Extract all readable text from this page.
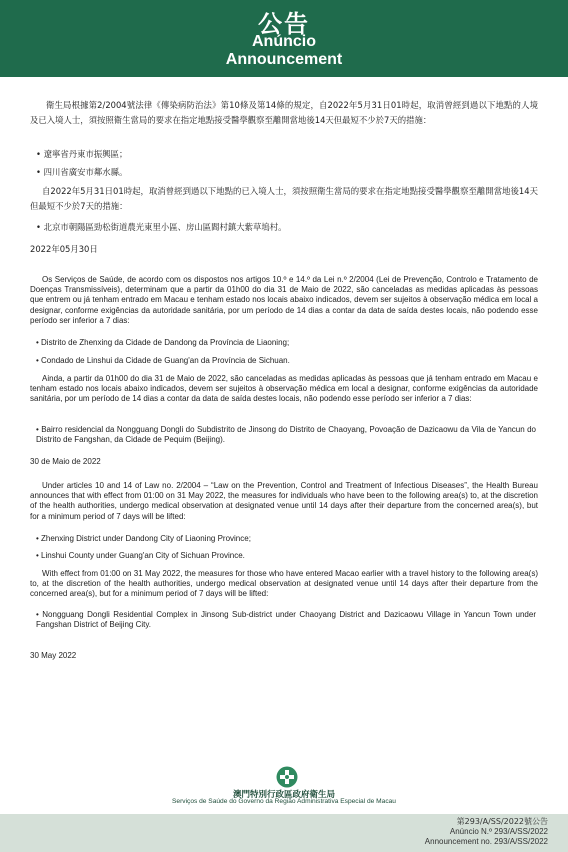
公告
Anúncio
Announcement
衛生局根據第2/2004號法律《傳染病防治法》第10條及第14條的規定，自2022年5月31日01時起，取消曾經到過以下地點的人境及已入境人士，須按照衛生當局的要求在指定地點接受醫學觀察至離開當地後14天但最短不少於7天的措施：
• 遼寧省丹東市振興區；
• 四川省廣安市鄰水縣。
自2022年5月31日01時起，取消曾經到過以下地點的已入境人士，須按照衛生當局的要求在指定地點接受醫學觀察至離開當地後14天但最短不少於7天的措施：
• 北京市朝陽區勁松街道農光東里小區、房山區閻村鎮大紫草塢村。
2022年05月30日
Os Serviços de Saúde, de acordo com os dispostos nos artigos 10.º e 14.º da Lei n.º 2/2004 (Lei de Prevenção, Controlo e Tratamento de Doenças Transmissíveis), determinam que a partir da 01h00 do dia 31 de Maio de 2022, são canceladas as medidas aplicadas às pessoas que entrem ou já tenham entrado em Macau e tenham estado nos locais abaixo indicados, devem ser sujeitos à observação médica em local a designar, conforme exigências da autoridade sanitária, por um período de 14 dias a contar da data de saída destes locais, não podendo esse período ser inferior a 7 dias:
• Distrito de Zhenxing da Cidade de Dandong da Província de Liaoning;
• Condado de Linshui da Cidade de Guang'an da Província de Sichuan.
Ainda, a partir da 01h00 do dia 31 de Maio de 2022, são canceladas as medidas aplicadas às pessoas que já tenham entrado em Macau e tenham estado nos locais abaixo indicados, devem ser sujeitos à observação médica em local a designar, conforme exigências da autoridade sanitária, por um período de 14 dias a contar da data de saída destes locais, não podendo esse período ser inferior a 7 dias:
• Bairro residencial da Nongguang Dongli do Subdistrito de Jinsong do Distrito de Chaoyang, Povoação de Dazicaowu da Vila de Yancun do Distrito de Fangshan, da Cidade de Pequim (Beijing).
30 de Maio de 2022
Under articles 10 and 14 of Law no. 2/2004 – “Law on the Prevention, Control and Treatment of Infectious Diseases”, the Health Bureau announces that with effect from 01:00 on 31 May 2022, the measures for individuals who have been to the following area(s) to, at the discretion of the health authorities, undergo medical observation at designated venue until 14 days after their departure from the concerned area(s), but for a minimum period of 7 days will be lifted:
• Zhenxing District under Dandong City of Liaoning Province;
• Linshui County under Guang'an City of Sichuan Province.
With effect from 01:00 on 31 May 2022, the measures for those who have entered Macao earlier with a travel history to the following area(s) to, at the discretion of the health authorities, undergo medical observation at designated venue until 14 days after their departure from the concerned area(s), but for a minimum period of 7 days will be lifted:
• Nongguang Dongli Residential Complex in Jinsong Sub-district under Chaoyang District and Dazicaowu Village in Yancun Town under Fangshan District of Beijing City.
30 May 2022
澳門特別行政區政府衛生局
Serviços de Saúde do Governo da Região Administrativa Especial de Macau
第293/A/SS/2022號公告
Anúncio N.º 293/A/SS/2022
Announcement no. 293/A/SS/2022
